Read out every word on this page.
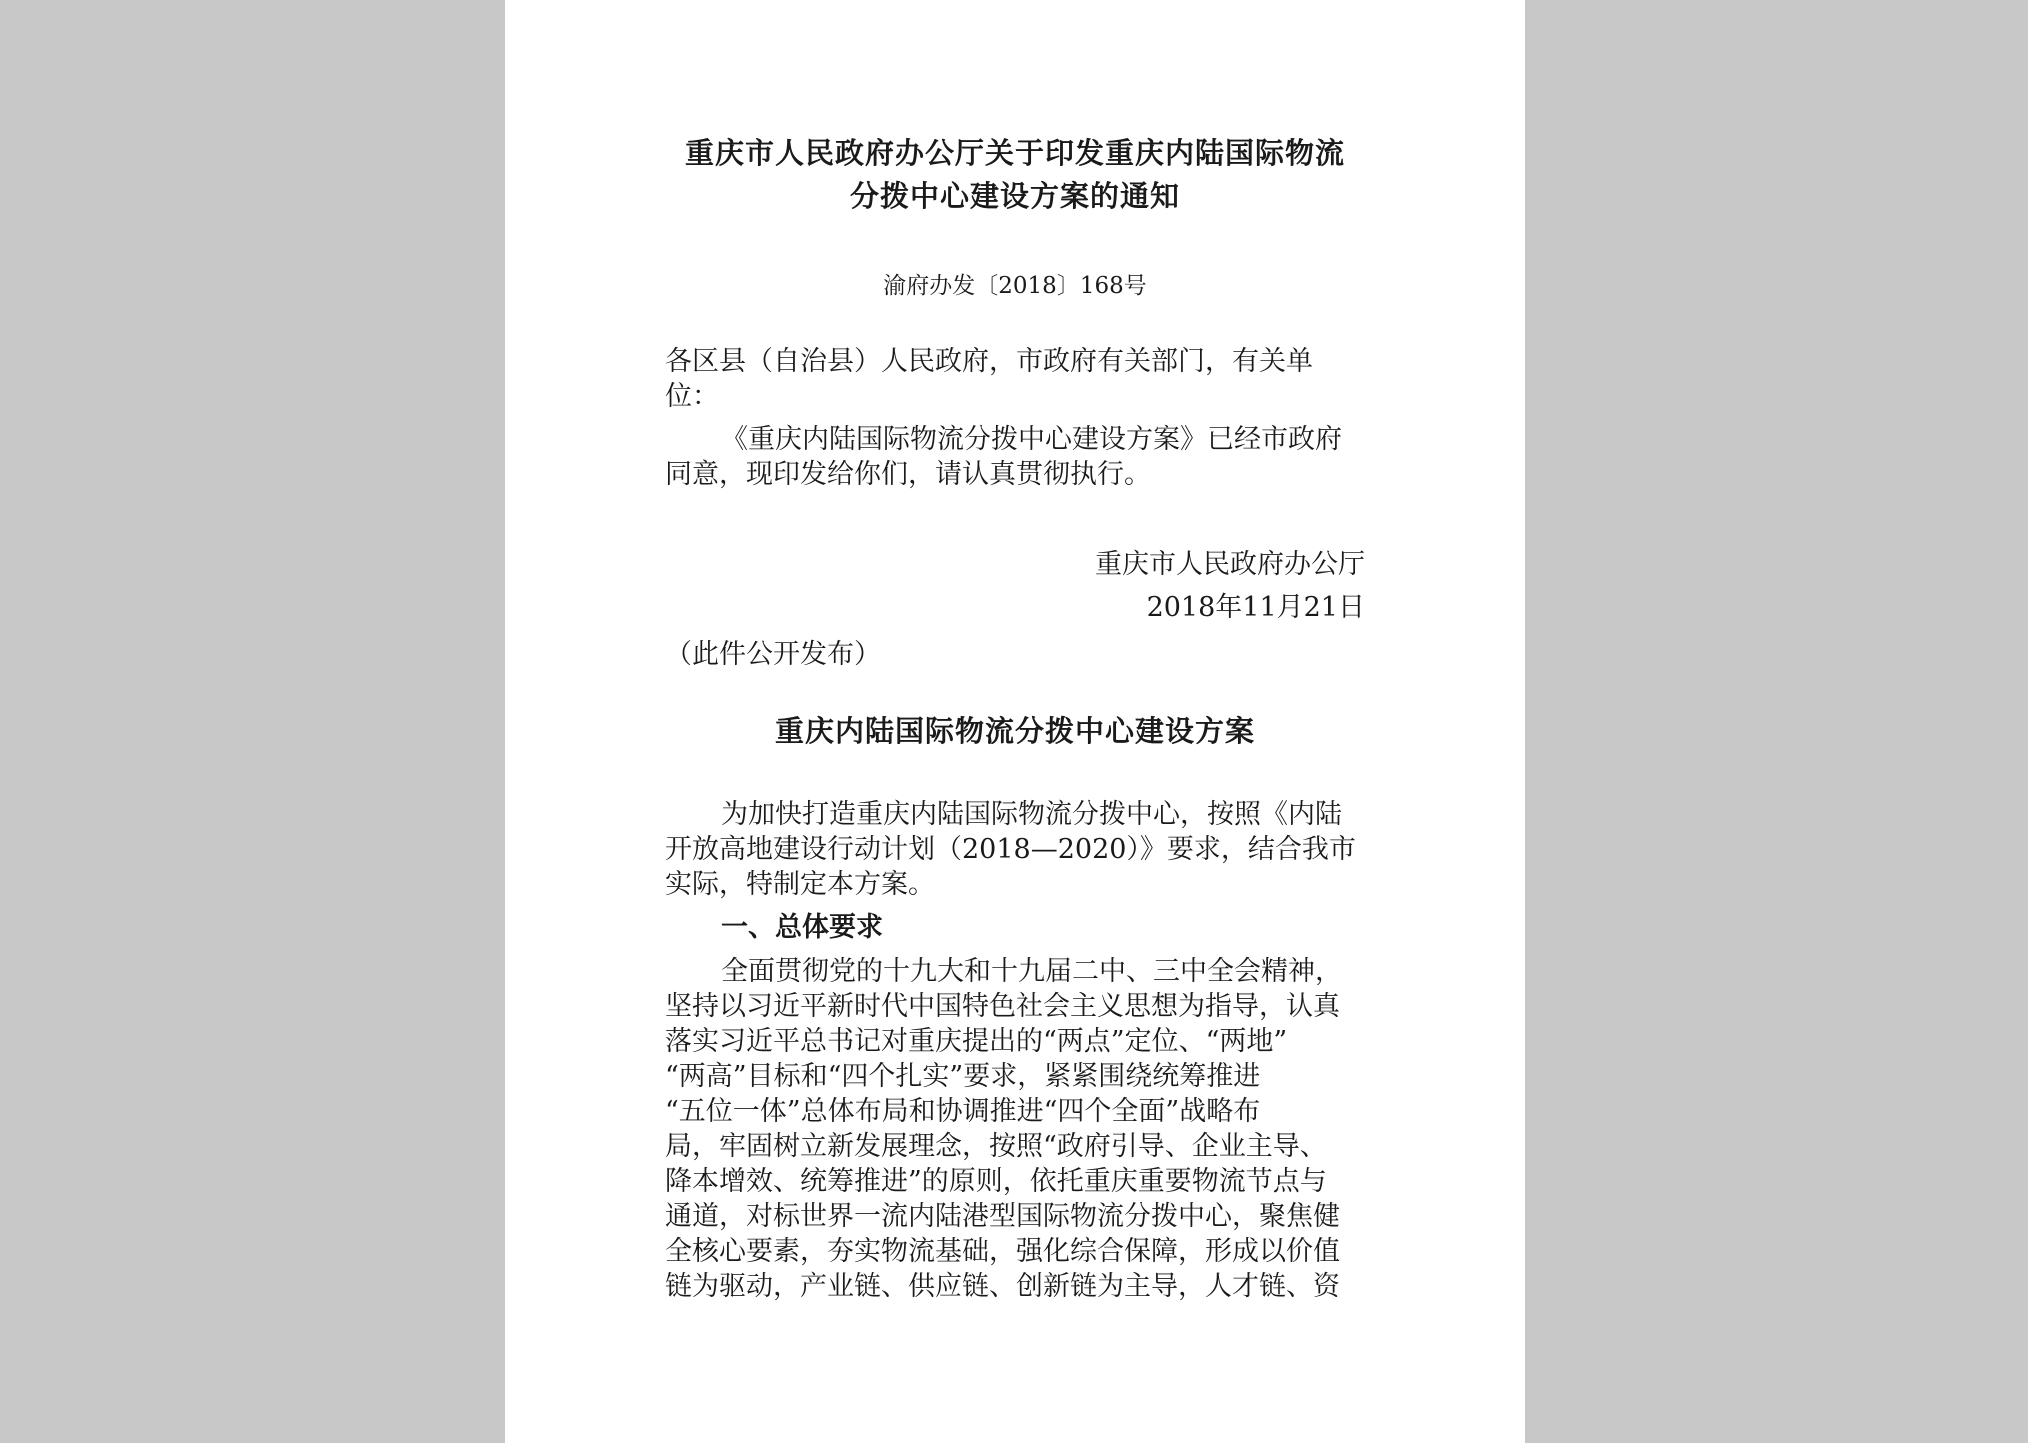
重庆市人民政府办公厅关于印发重庆内陆国际物流
分拨中心建设方案的通知
渝府办发〔2018〕168号
各区县（自治县）人民政府，市政府有关部门，有关单
位：
《重庆内陆国际物流分拨中心建设方案》已经市政府
同意，现印发给你们，请认真贯彻执行。
重庆市人民政府办公厅
2018年11月21日
（此件公开发布）
重庆内陆国际物流分拨中心建设方案
为加快打造重庆内陆国际物流分拨中心，按照《内陆
开放高地建设行动计划（2018—2020）》要求，结合我市
实际，特制定本方案。
一、总体要求
全面贯彻党的十九大和十九届二中、三中全会精神，
坚持以习近平新时代中国特色社会主义思想为指导，认真
落实习近平总书记对重庆提出的“两点”定位、“两地”
“两高”目标和“四个扎实”要求，紧紧围绕统筹推进
“五位一体”总体布局和协调推进“四个全面”战略布
局，牢固树立新发展理念，按照“政府引导、企业主导、
降本增效、统筹推进”的原则，依托重庆重要物流节点与
通道，对标世界一流内陆港型国际物流分拨中心，聚焦健
全核心要素，夯实物流基础，强化综合保障，形成以价值
链为驱动，产业链、供应链、创新链为主导，人才链、资
